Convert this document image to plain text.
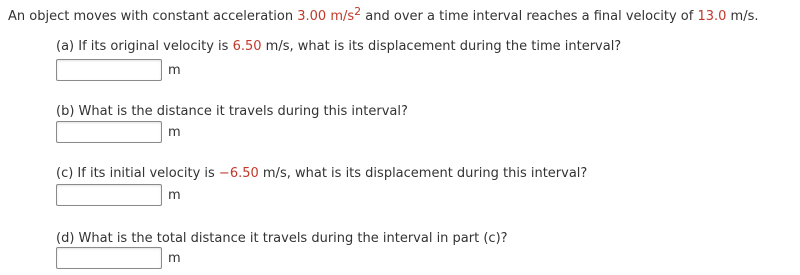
An object moves with constant acceleration 3.00 $m/s^2$ and over a time interval reaches a final velocity of 13.0 m/s.
(a) If its original velocity is 6.50 m/s, what is its displacement during the time interval?
m
(b) What is the distance it travels during this interval?
m
(c) If its initial velocity is −6.50 m/s, what is its displacement during this interval?
m
(d) What is the total distance it travels during the interval in part (c)?
m
